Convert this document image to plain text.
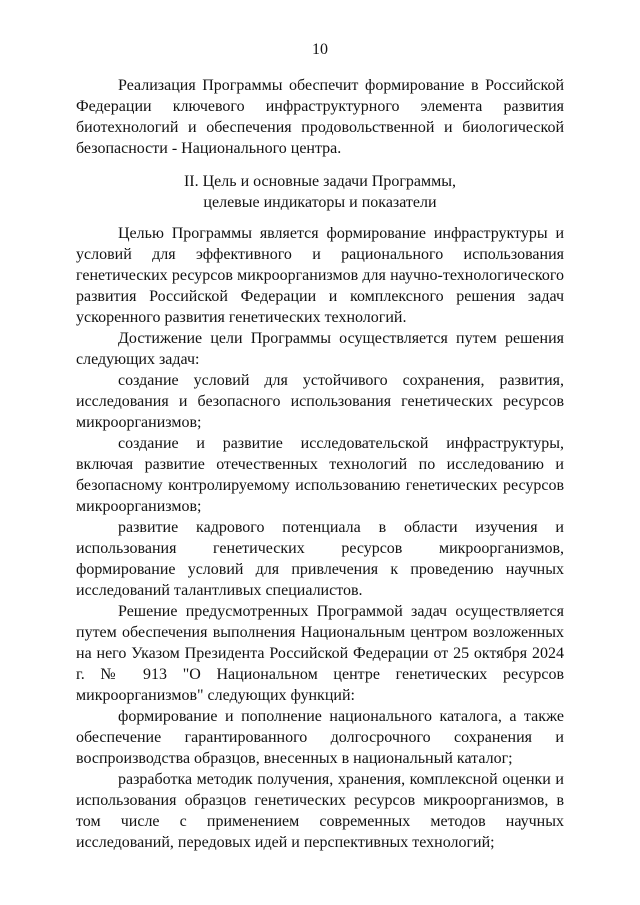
10

Реализация Программы обеспечит формирование в Российской Федерации ключевого инфраструктурного элемента развития биотехнологий и обеспечения продовольственной и биологической безопасности - Национального центра.

II. Цель и основные задачи Программы,
целевые индикаторы и показатели

Целью Программы является формирование инфраструктуры и условий для эффективного и рационального использования генетических ресурсов микроорганизмов для научно-технологического развития Российской Федерации и комплексного решения задач ускоренного развития генетических технологий.

Достижение цели Программы осуществляется путем решения следующих задач:

создание условий для устойчивого сохранения, развития, исследования и безопасного использования генетических ресурсов микроорганизмов;

создание и развитие исследовательской инфраструктуры, включая развитие отечественных технологий по исследованию и безопасному контролируемому использованию генетических ресурсов микроорганизмов;

развитие кадрового потенциала в области изучения и использования генетических ресурсов микроорганизмов, формирование условий для привлечения к проведению научных исследований талантливых специалистов.

Решение предусмотренных Программой задач осуществляется путем обеспечения выполнения Национальным центром возложенных на него Указом Президента Российской Федерации от 25 октября 2024 г. № 913 "О Национальном центре генетических ресурсов микроорганизмов" следующих функций:

формирование и пополнение национального каталога, а также обеспечение гарантированного долгосрочного сохранения и воспроизводства образцов, внесенных в национальный каталог;

разработка методик получения, хранения, комплексной оценки и использования образцов генетических ресурсов микроорганизмов, в том числе с применением современных методов научных исследований, передовых идей и перспективных технологий;
